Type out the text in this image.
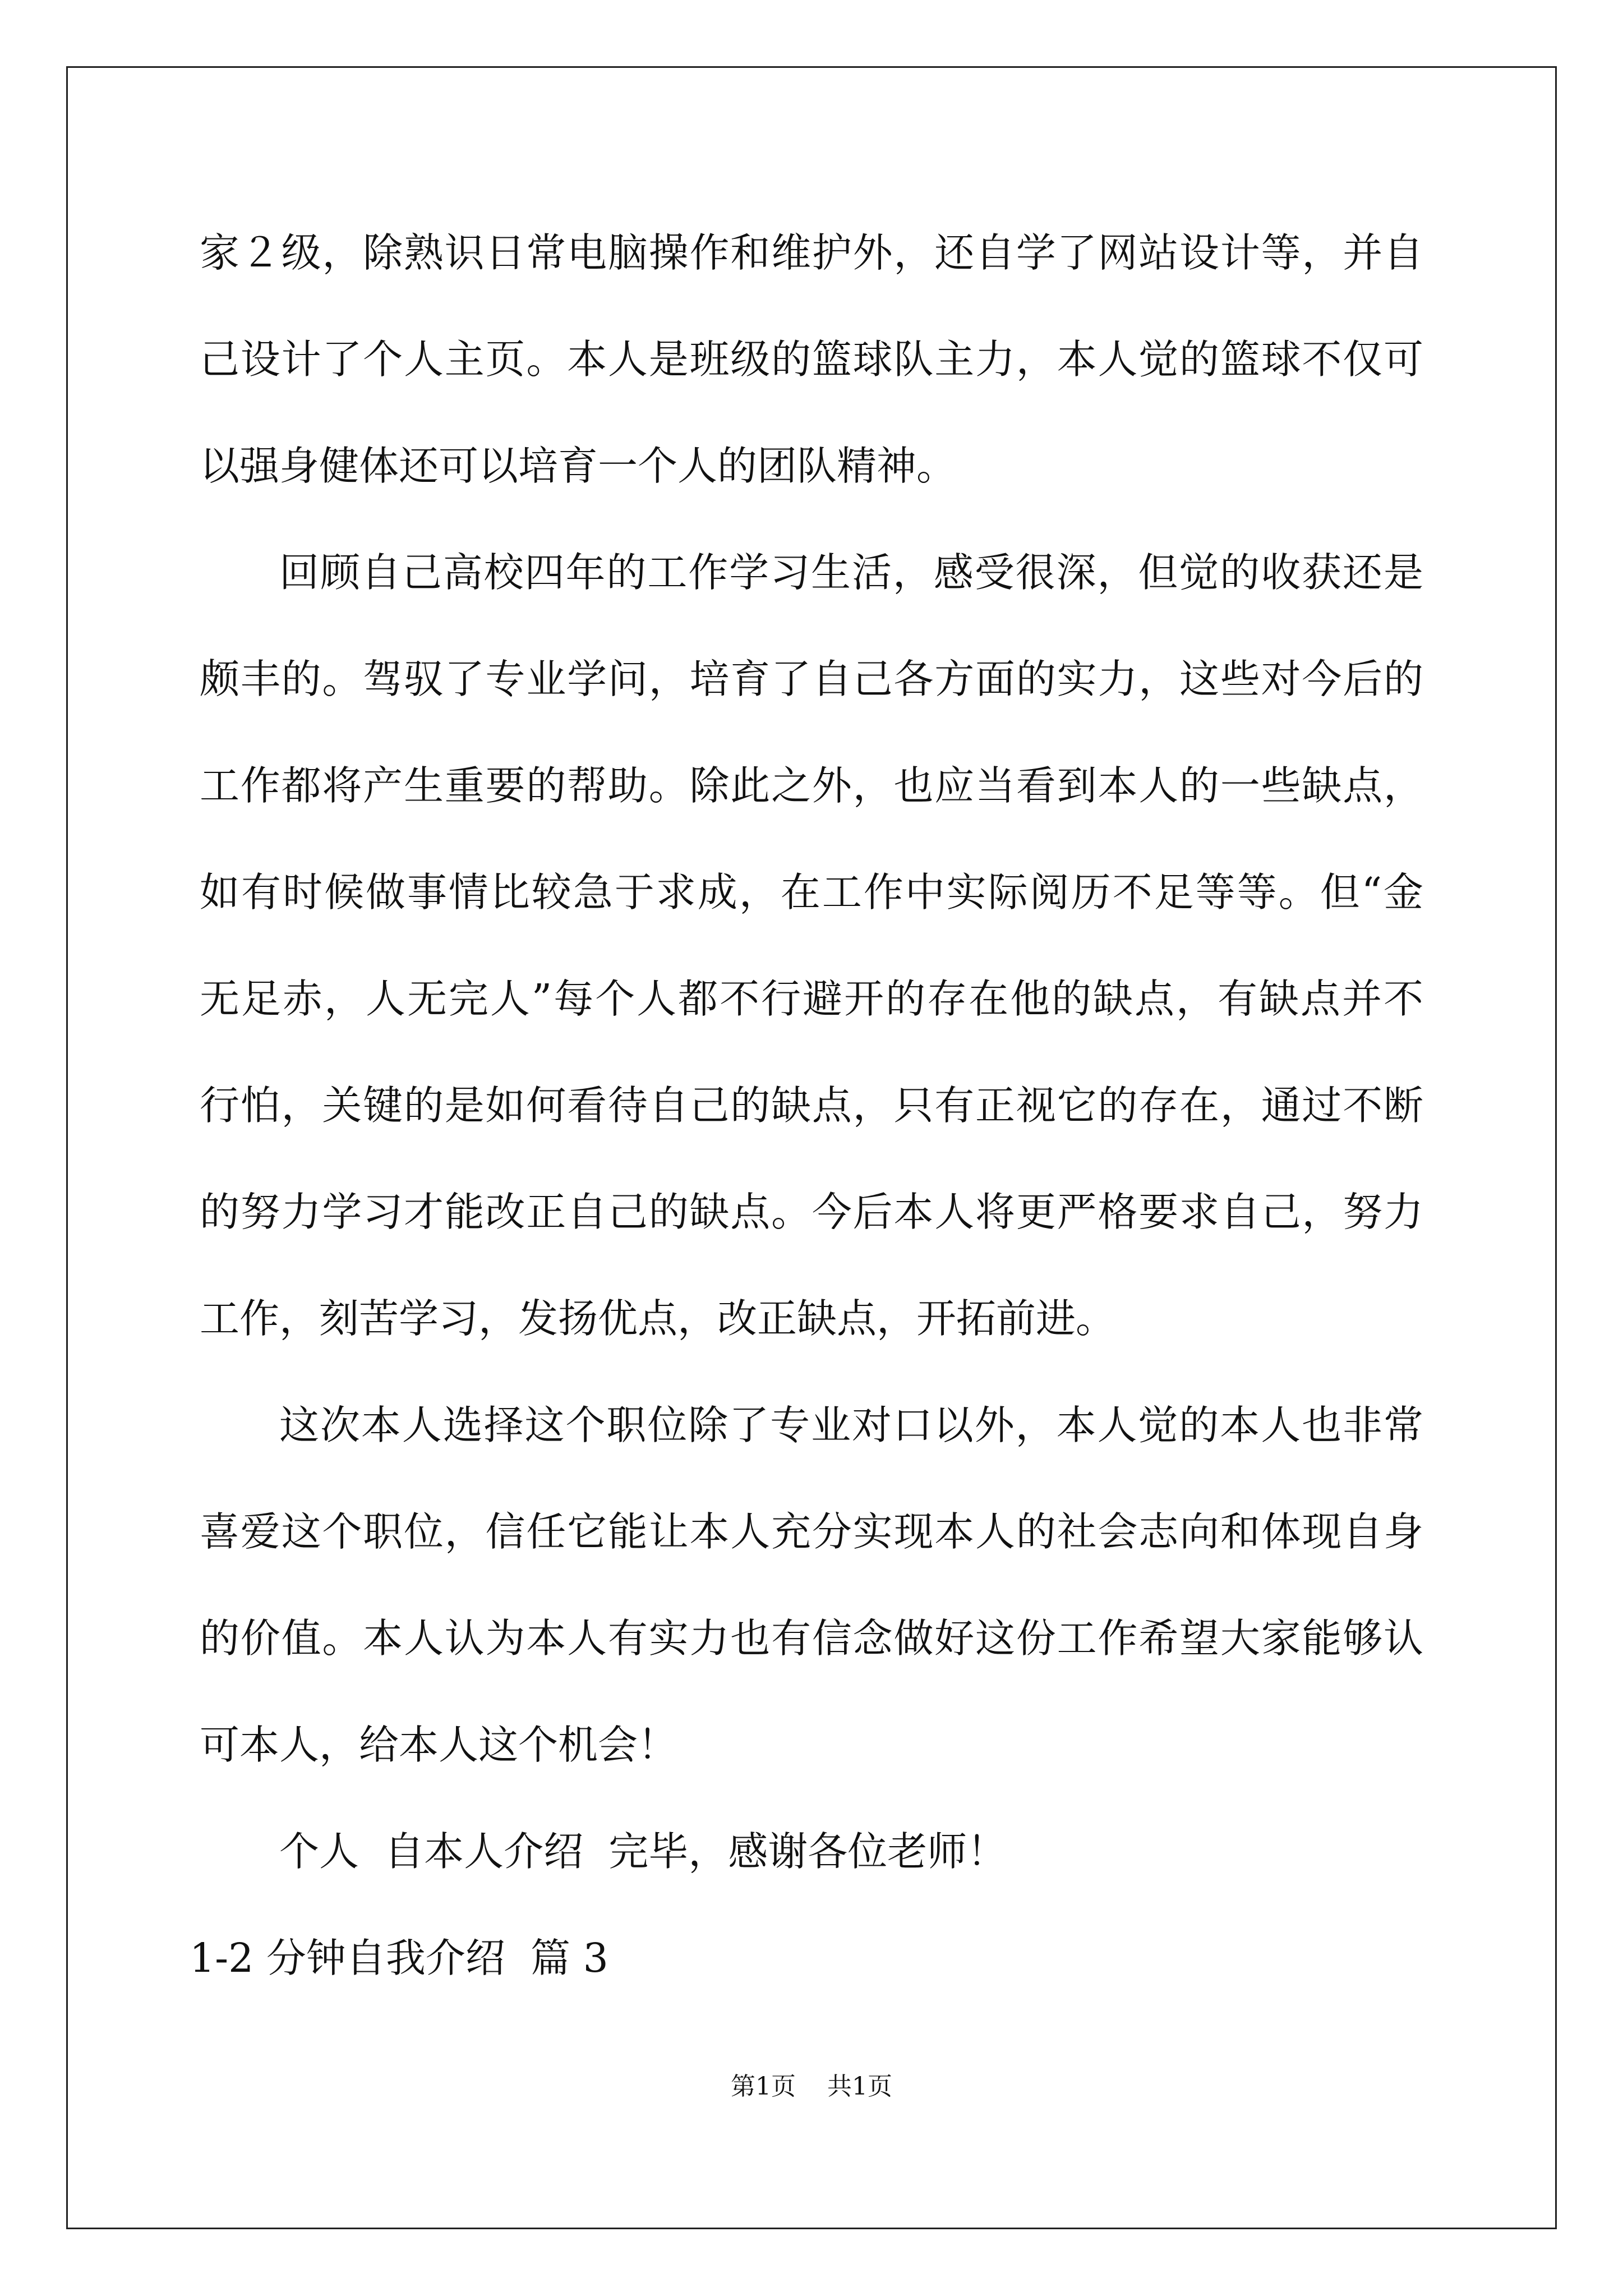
家２级，除熟识日常电脑操作和维护外，还自学了网站设计等，并自
己设计了个人主页。本人是班级的篮球队主力，本人觉的篮球不仅可
以强身健体还可以培育一个人的团队精神。
回顾自己高校四年的工作学习生活，感受很深，但觉的收获还是
颇丰的。驾驭了专业学问，培育了自己各方面的实力，这些对今后的
工作都将产生重要的帮助。除此之外，也应当看到本人的一些缺点，
如有时候做事情比较急于求成，在工作中实际阅历不足等等。但“金
无足赤，人无完人”每个人都不行避开的存在他的缺点，有缺点并不
行怕，关键的是如何看待自己的缺点，只有正视它的存在，通过不断
的努力学习才能改正自己的缺点。今后本人将更严格要求自己，努力
工作，刻苦学习，发扬优点，改正缺点，开拓前进。
这次本人选择这个职位除了专业对口以外，本人觉的本人也非常
喜爱这个职位，信任它能让本人充分实现本人的社会志向和体现自身
的价值。本人认为本人有实力也有信念做好这份工作希望大家能够认
可本人，给本人这个机会！
个人  自本人介绍  完毕，感谢各位老师！
1-2 分钟自我介绍  篇 3
第1页    共1页
